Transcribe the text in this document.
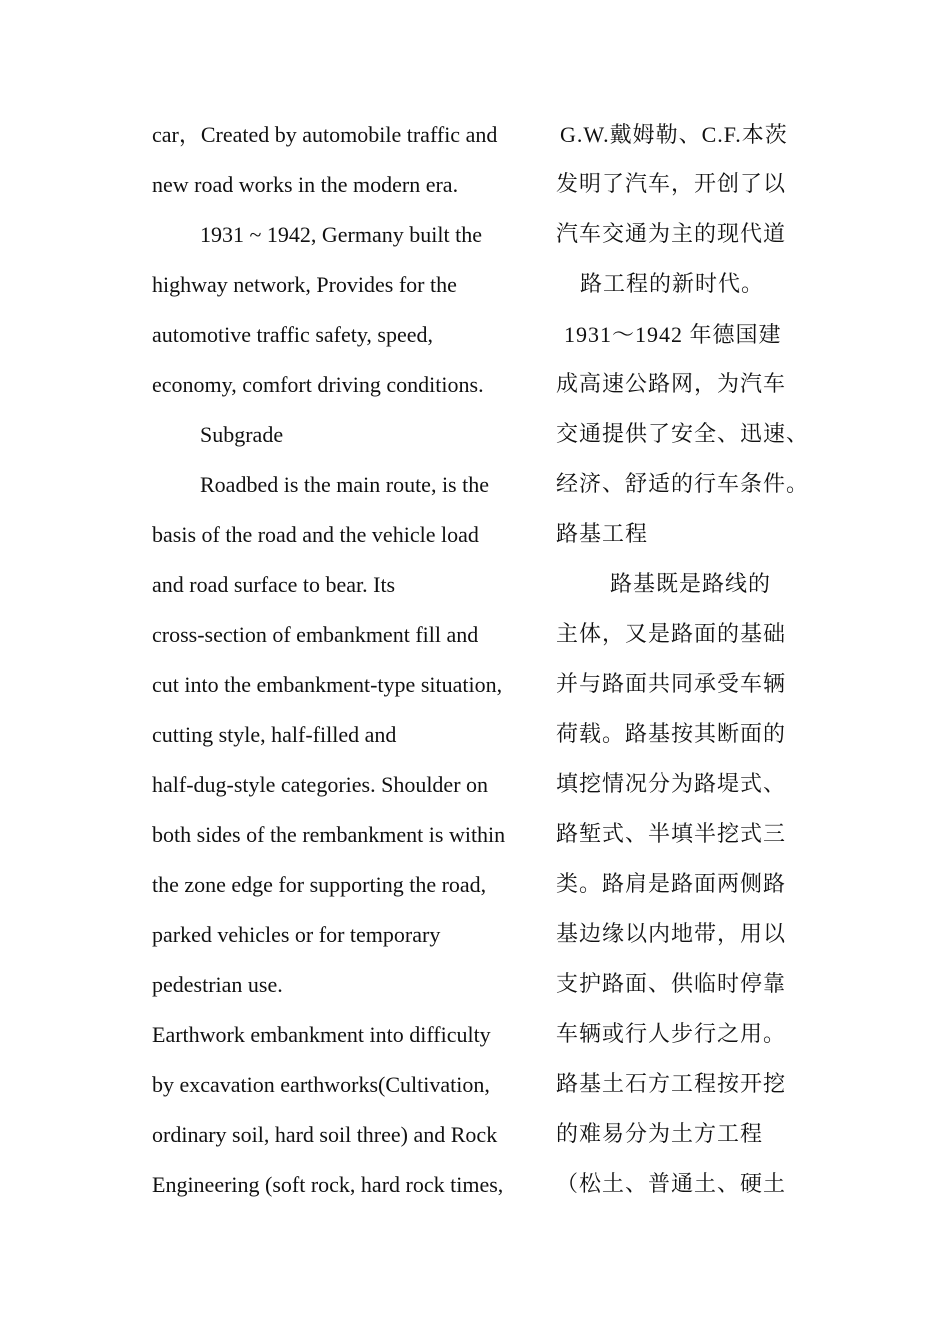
car，Created by automobile traffic and
new road works in the modern era.
1931 ~ 1942, Germany built the
highway network, Provides for the
automotive traffic safety, speed,
economy, comfort driving conditions.
Subgrade
Roadbed is the main route, is the
basis of the road and the vehicle load
and road surface to bear. Its
cross-section of embankment fill and
cut into the embankment-type situation,
cutting style, half-filled and
half-dug-style categories. Shoulder on
both sides of the rembankment is within
the zone edge for supporting the road,
parked vehicles or for temporary
pedestrian use.
Earthwork embankment into difficulty
by excavation earthworks(Cultivation,
ordinary soil, hard soil three) and Rock
Engineering (soft rock, hard rock times,
G.W.戴姆勒、C.F.本茨
发明了汽车，开创了以
汽车交通为主的现代道
路工程的新时代。
1931～1942 年德国建
成高速公路网，为汽车
交通提供了安全、迅速、
经济、舒适的行车条件。
路基工程
路基既是路线的
主体，又是路面的基础
并与路面共同承受车辆
荷载。路基按其断面的
填挖情况分为路堤式、
路堑式、半填半挖式三
类。路肩是路面两侧路
基边缘以内地带，用以
支护路面、供临时停靠
车辆或行人步行之用。
路基土石方工程按开挖
的难易分为土方工程
（松土、普通土、硬土
